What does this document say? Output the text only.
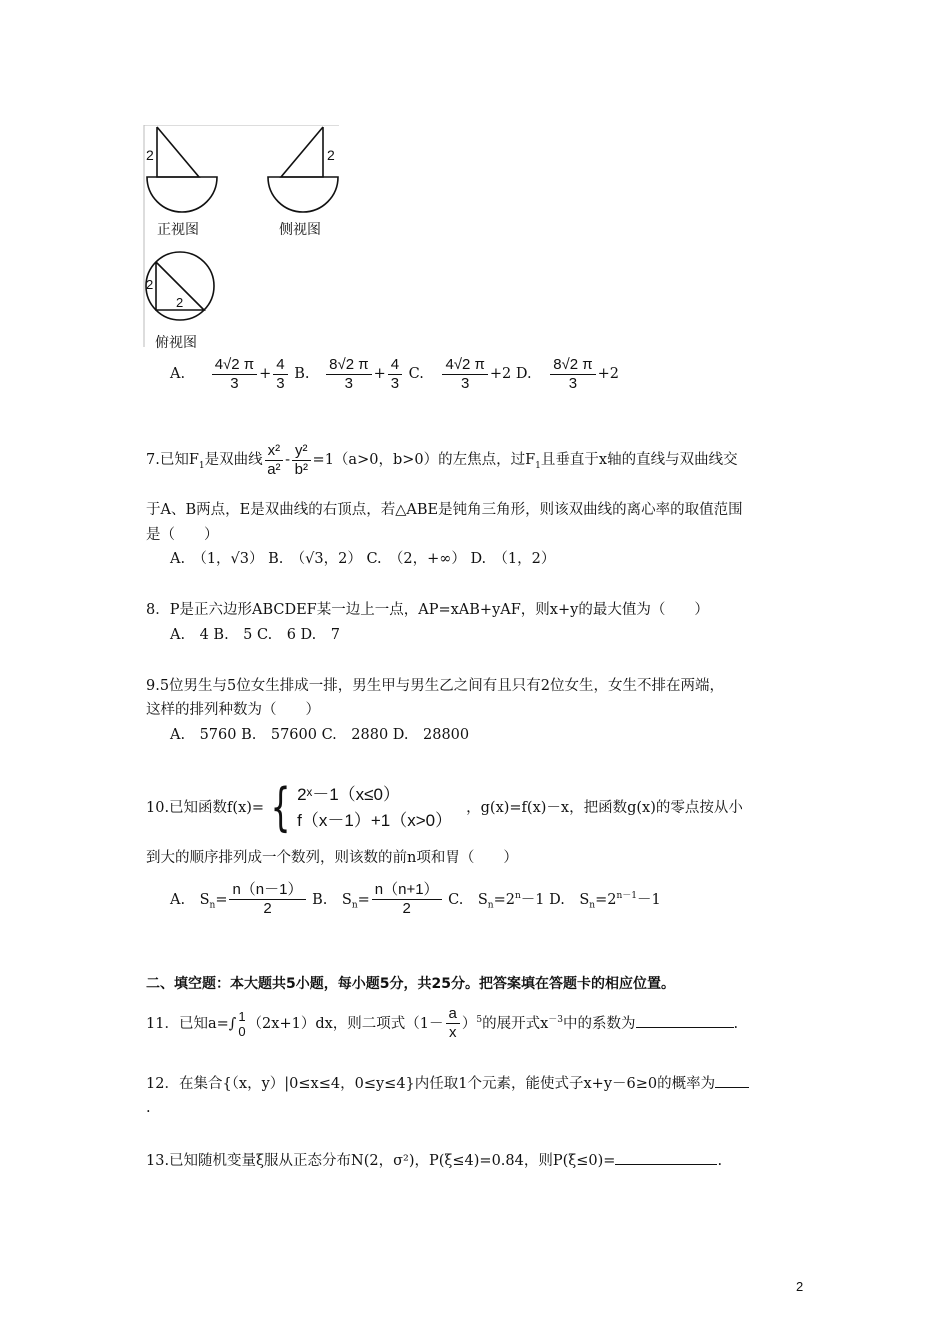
2	2
正视图	侧视图
2
2
俯视图
A. $\frac{4√2 \pi}{3} + \frac{4}{3} B$. $\frac{8√2 \pi}{3} + \frac{4}{3} C$. $\frac{4√2 \pi}{3} +2$ D. $\frac{8√2 \pi}{3} +2$
7.已知$F_1$是双曲线 $\frac{\text{x²}}{\text{a²}} - \frac{\text{y²}}{\text{b²}} =1(a>0$，b>0）的左焦点，过$F_1$且垂直于x轴的直线与双曲线交
于A、B两点，E是双曲线的右顶点，若△ABE是钝角三角形，则该双曲线的离心率的取值范围
是（　　）
A.　（1，√3） B.　（√3，2） C.　（2，+∞） D.　（1，2）
8．P是正六边形ABCDEF某一边上一点，AP=xAB+yAF，则x+y的最大值为（　　）
A.　4 B.　5 C.　6 D.　7
9.5位男生与5位女生排成一排，男生甲与男生乙之间有且只有2位女生，女生不排在两端，
这样的排列种数为（　　）
A.　5760 B.　57600 C.　2880 D.　28800
10.已知函数f(x)= { 2ˣ－1（x≤0）
f（x－1）+1（x>0）
，g(x)=f(x)－x，把函数g(x)的零点按从小
到大的顺序排列成一个数列，则该数的前n项和胃（　　）
A.　$S_n= \frac{n(n-1)}{2} B$.　$S_n= \frac{n(n+1)}{2} C$.　$S_n=2^n-1$ D.　$S_n=2^{n-1}-1$
二、填空题：本大题共5小题，每小题5分，共25分。把答案填在答题卡的相应位置。
11．已知a=∫ 1
0 （2x+1）dx，则二项式$(1- \frac{a}{x} )^5$的展开式$x^{-3}$中的系数为	.
12．在集合{（x，y）|0≤x≤4，0≤y≤4}内任取1个元素，能使式子x+y－6≥0的概率为
.
13.已知随机变量ξ服从正态分布N(2，σ²)，P(ξ≤4)=0.84，则P(ξ≤0)=	.
2
